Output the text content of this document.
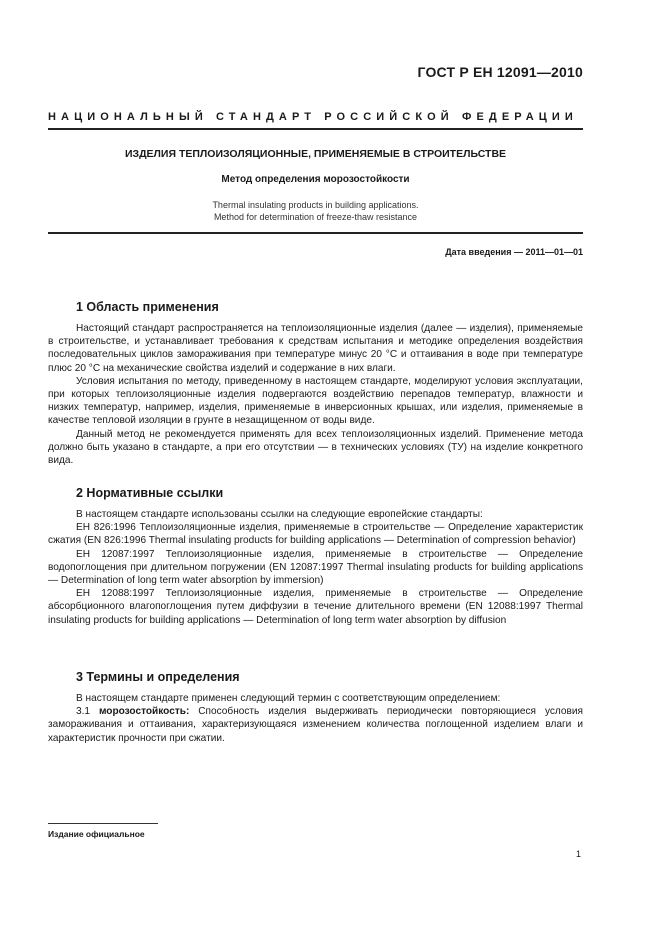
ГОСТ Р ЕН 12091—2010
НАЦИОНАЛЬНЫЙ СТАНДАРТ РОССИЙСКОЙ ФЕДЕРАЦИИ
ИЗДЕЛИЯ ТЕПЛОИЗОЛЯЦИОННЫЕ, ПРИМЕНЯЕМЫЕ В СТРОИТЕЛЬСТВЕ
Метод определения морозостойкости
Thermal insulating products in building applications.
Method for determination of freeze-thaw resistance
Дата введения — 2011—01—01
1 Область применения

Настоящий стандарт распространяется на теплоизоляционные изделия (далее — изделия), применяемые в строительстве, и устанавливает требования к средствам испытания и методике определения воздействия последовательных циклов замораживания при температуре минус 20 °С и оттаивания в воде при температуре плюс 20 °С на механические свойства изделий и содержание в них влаги.

Условия испытания по методу, приведенному в настоящем стандарте, моделируют условия эксплуатации, при которых теплоизоляционные изделия подвергаются воздействию перепадов температур, влажности и низких температур, например, изделия, применяемые в инверсионных крышах, или изделия, применяемые в качестве тепловой изоляции в грунте в незащищенном от воды виде.

Данный метод не рекомендуется применять для всех теплоизоляционных изделий. Применение метода должно быть указано в стандарте, а при его отсутствии — в технических условиях (ТУ) на изделие конкретного вида.

2 Нормативные ссылки

В настоящем стандарте использованы ссылки на следующие европейские стандарты:

ЕН 826:1996 Теплоизоляционные изделия, применяемые в строительстве — Определение характеристик сжатия (EN 826:1996 Thermal insulating products for building applications — Determination of compression behavior)

ЕН 12087:1997 Теплоизоляционные изделия, применяемые в строительстве — Определение водопоглощения при длительном погружении (EN 12087:1997 Thermal insulating products for building applications — Determination of long term water absorption by immersion)

ЕН 12088:1997 Теплоизоляционные изделия, применяемые в строительстве — Определение абсорбционного влагопоглощения путем диффузии в течение длительного времени (EN 12088:1997 Thermal insulating products for building applications — Determination of long term water absorption by diffusion

3 Термины и определения

В настоящем стандарте применен следующий термин с соответствующим определением:

3.1 морозостойкость: Способность изделия выдерживать периодически повторяющиеся условия замораживания и оттаивания, характеризующаяся изменением количества поглощенной изделием влаги и характеристик прочности при сжатии.

Издание официальное
1
